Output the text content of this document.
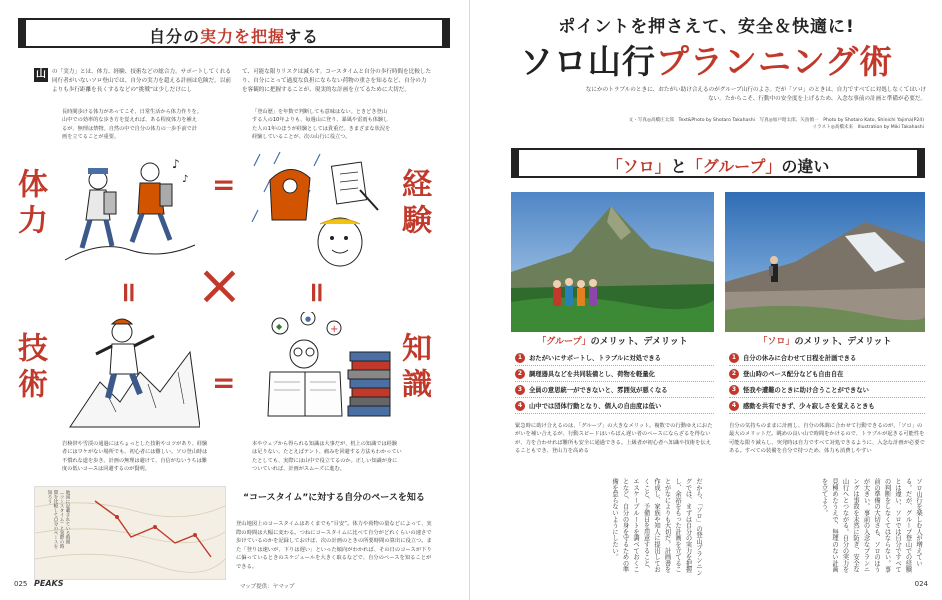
自分の実力を把握する
山	の「実力」とは、体力、経験、技術などの総合力。サポートしてくれる同行者がいないソロ登山では、自分の実力を超える計画は危険だ。以前よりも歩行距離を長くするなどの“挑戦”は少しだけにし
て、可能な限りリスクは減らす。コースタイムと自分の歩行時間を比較したり、自分にとって過度な負担にならない荷物の重さを知るなど、自分の力を客観的に把握することが、現実的な計画を立てるために大切だ。
長時間歩ける体力があってこそ、日常生活から体力作りを。山中での効率的な歩き方を覚えれば、ある程度体力を補えるが、無理は禁物。自然の中で自分の体力の一歩手前で計画を立てることが重要。
「登山歴」を年数で判断しても意味はない。ときどき登山する人の10年よりも、毎週山に登り、暴風や雷雨も体験した人の1年のほうが経験としては貴重だ。きまざまな状況を経験していることが、次の山行に役立つ。
体力
技術
経験
知識
=
=
=	=
×
♪
♪
◆
●
+
岩稜帯や雪渓の通過にはちょっとした技術やコツがあり、経験者にはワケがない場所でも、初心者には難しい。ソロ登山時は不慣れな道を歩き、計画の無理は避けて、自信がないうちは難度の低いコースは回避するのが賢明。
本やウェブから得られる知識は大事だが、机上の知識では経験は足りない。たとえばテント、痛みを回避する方法もわかっていたとしても、実際には山中で役立てるのか。正しい知識が身についていれば、計画がスムーズに進む。
地図に記載されている時間（コースタイム）と実際の時間を比較して自分のペースを知ろう	“コースタイム”に対する自分のペースを知る
登山地図上のコースタイムはあくまでも“目安”。体力や荷物の量などによって、実際の時間は大幅に変わる。つねにコースタイムに比べて自分がどれくらいの速さで歩けているのかを記録しておけば、次の計画のときの所要時間の算出に役立つ。また「登りは速いが、下りは遅い」といった傾向がわかれば、その日のコースが下りに偏っているときのスケジュールを大きく取るなどで、自分のペースを知ることができる。
025 PEAKS	マップ提供：ヤマップ
ポイントを押さえて、安全＆快適に!
ソロ山行プランニング術
なにかのトラブルのときに、おたがい助け合えるのがグループ山行のよさ。だが「ソロ」のときは、自力ですべてに対処しなくてはいけない。たからこそ、行動中の安全度を上げるため、入念な事前の計画と準備が必要だ。
文・写真◎高橋庄太郎　Text&Photo by Shotaro Takahashi　写真◎加戸昭太郎、矢島慎一　Photo by Shotaro Kato, Shinichi Yajima(P24)
イラスト◎高橋未来　Illustration by Miki Takahashi
「ソロ」と「グループ」の違い
「グループ」のメリット、デメリット	「ソロ」のメリット、デメリット
1	おたがいにサポートし、トラブルに対処できる
2	調理器具などを共同装備とし、荷物を軽量化
3	全員の意思統一ができないと、雰囲気が悪くなる
4	山中では団体行動となり、個人の自由度は低い
1	自分の休みに合わせて日程を計画できる
2	登山時のペース配分なども自由自在
3	怪我や遭難のときに助け合うことができない
4	感動を共有できず、少々寂しさを覚えるときも
緊急時に助け合えるのは、「グループ」の大きなメリット。複数での行動ゆえにおたがいを補い合えるが、行動スピードはいちばん遅い者のペースにならざるを得ないが、力を合わせれば難所も安全に通過できる。上級者が初心者へ知識や技術を伝えることもでき、登山力を高める
自分の気持ちのままに計画し、自分の体調に合わせて行動できるのが、「ソロ」の最大のメリットだ。眺めの良い山で時間をかけるので、トラブルが起きる可能性を可能な限り減らし、突発時は自力ですべて対処できるように、入念な計画が必要である。すべての装備を自分で持つため、体力も消費しやすい
ソロ山行を楽しむ人が増えている。だが、グループ登山での経験とは違い、ソロでは自分ですべての判断をしなくてはならない。事前の準備の大切さも、ソロのほうが大きい。事前の入念なプランニングは事故を未然に防ぎ、安全な山行へとつながる。自分の実力を見極めたうえで、無理のない計画を立てよう。
だから、「ソロ」の登山プランニングでは、まずは自分の実力を把握し、余裕をもった計画を立てることがなによりも大切だ。計画書を作成し、家族や知人に提出しておくこと、予備日を用意すること、エスケープルートを調べておくことなど、自分の身を守るための準備を怠らないようにしたい。
024
